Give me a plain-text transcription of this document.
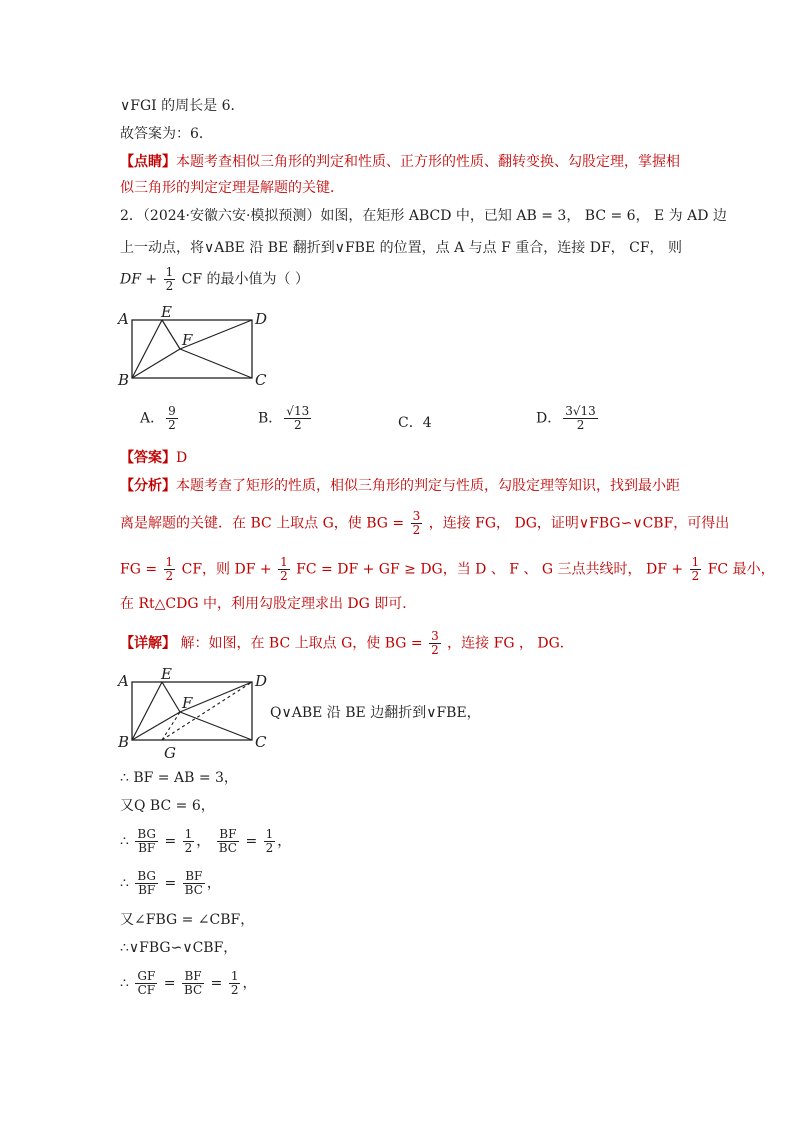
∨FGI 的周长是 6．
故答案为：6．
【点睛】本题考查相似三角形的判定和性质、正方形的性质、翻转变换、勾股定理，掌握相
似三角形的判定定理是解题的关键．
2．（2024·安徽六安·模拟预测）如图，在矩形 ABCD 中，已知 AB = 3， BC = 6， E 为 AD 边
上一动点，将∨ABE 沿 BE 翻折到∨FBE 的位置，点 A 与点 F 重合，连接 DF， CF， 则
DF + $\frac{1}{2}$ CF 的最小值为（ ）
A E	D
F
B	C
A． $\frac{9}{2}$	B． $\frac{√13}{2}$	C．4	D． $\frac{3√13}{2}$
【答案】D
【分析】本题考查了矩形的性质，相似三角形的判定与性质，勾股定理等知识，找到最小距
离是解题的关键．在 BC 上取点 G，使 BG = $\frac{3}{2}$ ，连接 FG， DG，证明∨FBG∽∨CBF，可得出
FG = $\frac{1}{2}$ CF，则 DF + $\frac{1}{2}$ FC = DF + GF ≥ DG，当 D 、 F 、 G 三点共线时， DF + $\frac{1}{2}$ FC 最小，
在 Rt△CDG 中，利用勾股定理求出 DG 即可．
【详解】 解：如图，在 BC 上取点 G，使 BG = $\frac{3}{2}$ ，连接 FG ， DG．
A E	D
F
B	C
G
Q∨ABE 沿 BE 边翻折到∨FBE，
∴ BF = AB = 3，
又Q BC = 6，
∴ $\frac{BG}{BF} = \frac{1}{2}$ ， $\frac{BF}{BC} = \frac{1}{2}$ ，
∴ $\frac{BG}{BF} = \frac{BF}{BC}$ ，
又∠FBG = ∠CBF，
∴∨FBG∽∨CBF，
∴ $\frac{GF}{CF} = \frac{BF}{BC} = \frac{1}{2}$ ，
